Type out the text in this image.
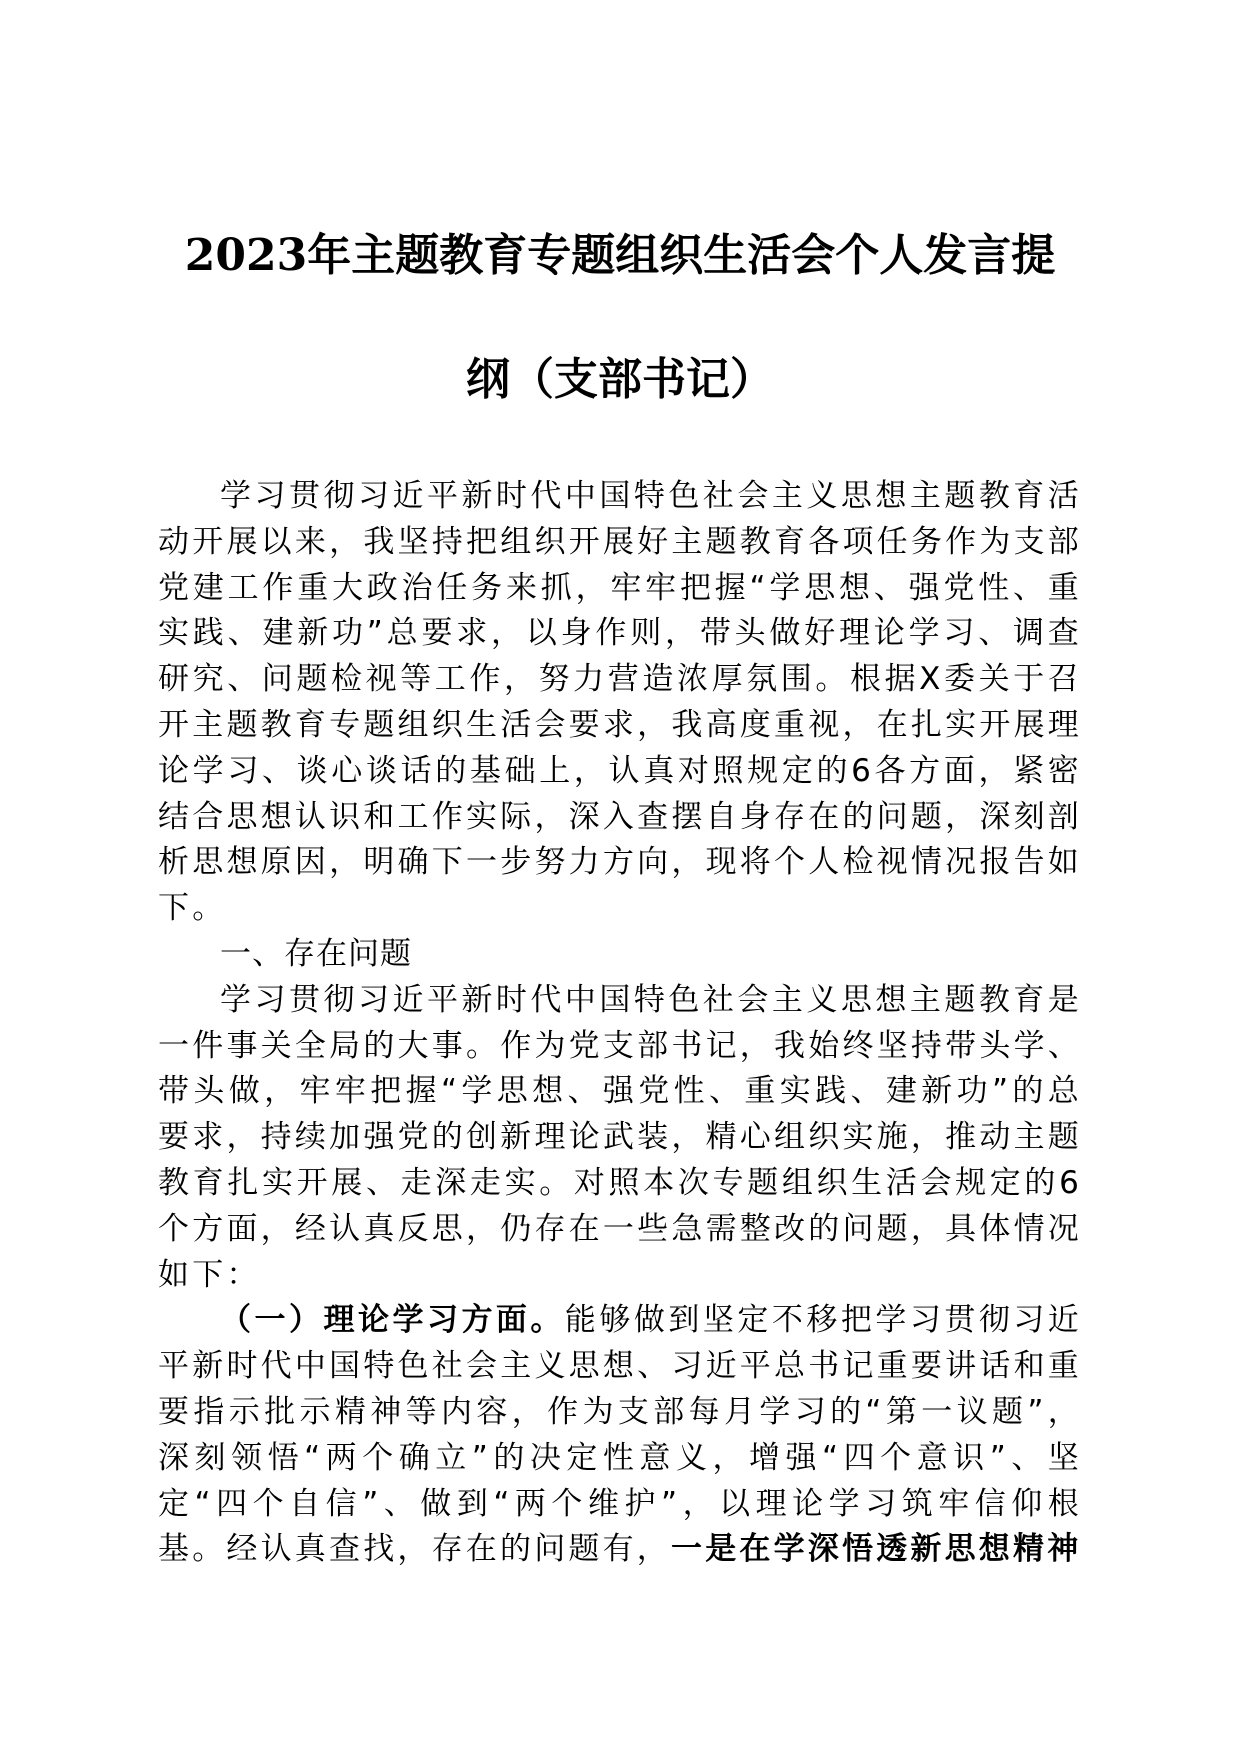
2023年主题教育专题组织生活会个人发言提
纲（支部书记）

学习贯彻习近平新时代中国特色社会主义思想主题教育活动开展以来，我坚持把组织开展好主题教育各项任务作为支部党建工作重大政治任务来抓，牢牢把握“学思想、强党性、重实践、建新功”总要求，以身作则，带头做好理论学习、调查研究、问题检视等工作，努力营造浓厚氛围。根据X委关于召开主题教育专题组织生活会要求，我高度重视，在扎实开展理论学习、谈心谈话的基础上，认真对照规定的6各方面，紧密结合思想认识和工作实际，深入查摆自身存在的问题，深刻剖析思想原因，明确下一步努力方向，现将个人检视情况报告如下。

一、存在问题

学习贯彻习近平新时代中国特色社会主义思想主题教育是一件事关全局的大事。作为党支部书记，我始终坚持带头学、带头做，牢牢把握“学思想、强党性、重实践、建新功”的总要求，持续加强党的创新理论武装，精心组织实施，推动主题教育扎实开展、走深走实。对照本次专题组织生活会规定的6个方面，经认真反思，仍存在一些急需整改的问题，具体情况如下：

（一）理论学习方面。能够做到坚定不移把学习贯彻习近平新时代中国特色社会主义思想、习近平总书记重要讲话和重要指示批示精神等内容，作为支部每月学习的“第一议题”，深刻领悟“两个确立”的决定性意义，增强“四个意识”、坚定“四个自信”、做到“两个维护”，以理论学习筑牢信仰根基。经认真查找，存在的问题有，一是在学深悟透新思想精神
